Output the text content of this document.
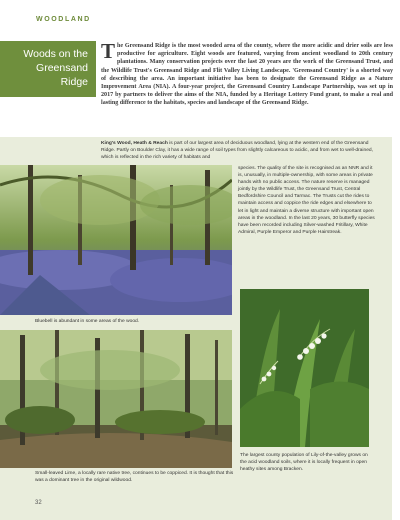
WOODLAND
Woods on the
Greensand
Ridge
The Greensand Ridge is the most wooded area of the county, where the more acidic and drier soils are less productive for agriculture. Eight woods are featured, varying from ancient woodland to 20th century plantations. Many conservation projects over the last 20 years are the work of the Greensand Trust, and the Wildlife Trust's Greensand Ridge and Flit Valley Living Landscape. 'Greensand Country' is a shorted way of describing the area. An important initiative has been to designate the Greensand Ridge as a Nature Improvement Area (NIA). A four-year project, the Greensand Country Landscape Partnership, was set up in 2017 by partners to deliver the aims of the NIA, funded by a Heritage Lottery Fund grant, to make a real and lasting difference to the habitats, species and landscape of the Greensand Ridge.
King's Wood, Heath & Reach is part of our largest area of deciduous woodland, lying at the western end of the Greensand Ridge. Partly on Boulder Clay, it has a wide range of soil types from slightly calcareous to acidic, and from wet to well-drained, which is reflected in the rich variety of habitats and
species. The quality of the site is recognised as an NNR and it is, unusually, in multiple-ownership, with some areas in private hands with no public access. The nature reserve is managed jointly by the Wildlife Trust, the Greensand Trust, Central Bedfordshire Council and Tarmac. The Trusts cut the rides to maintain access and coppice the ride edges and elsewhere to let in light and maintain a diverse structure with important open areas in the woodland. In the last 20 years, 30 butterfly species have been recorded including Silver-washed Fritillary, White Admiral, Purple Emperor and Purple Hairstreak.
Bluebell is abundant in some areas of the wood.
Small-leaved Lime, a locally rare native tree, continues to be coppiced. It is thought that this was a dominant tree in the original wildwood.
The largest county population of Lily-of-the-valley grows on the acid woodland soils, where it is locally frequent in open heathy sites among Bracken.
32
